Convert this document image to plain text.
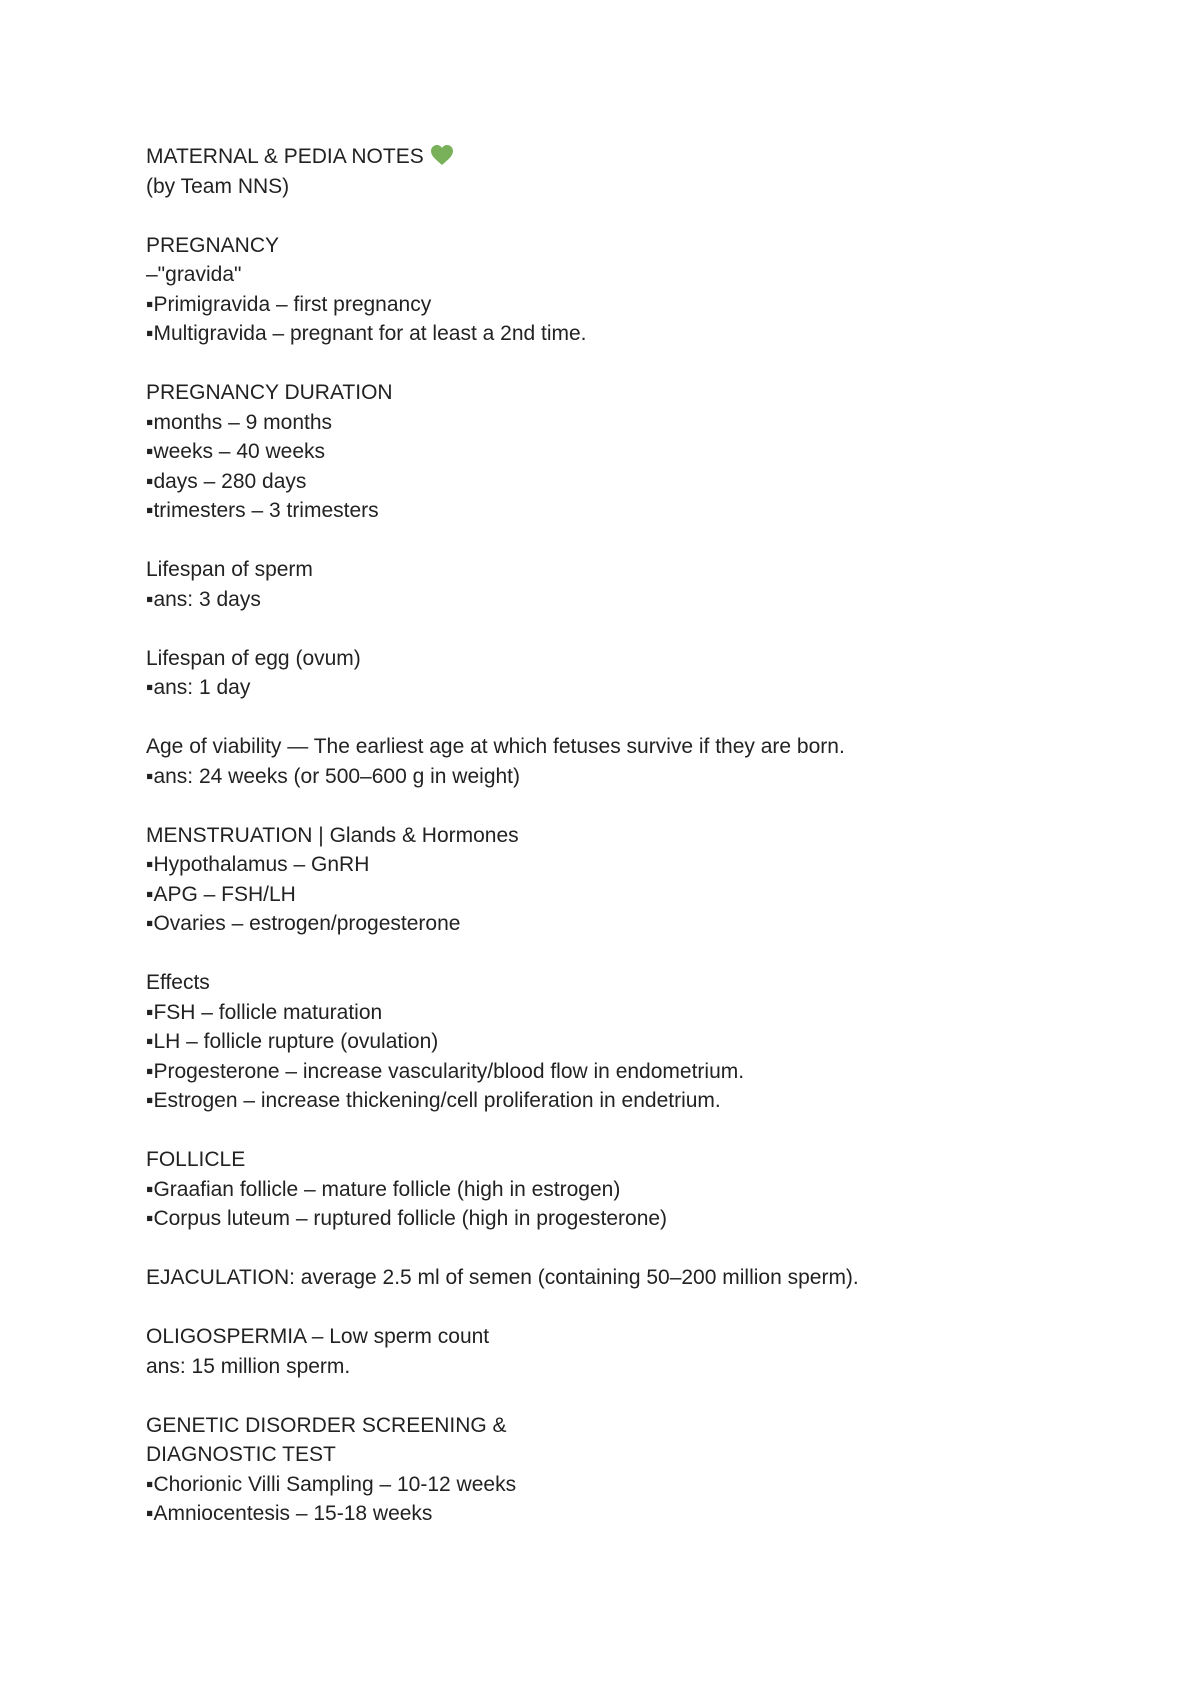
MATERNAL & PEDIA NOTES
(by Team NNS)
PREGNANCY
–"gravida"
▪Primigravida – first pregnancy
▪Multigravida – pregnant for at least a 2nd time.
PREGNANCY DURATION
▪months – 9 months
▪weeks – 40 weeks
▪days – 280 days
▪trimesters – 3 trimesters
Lifespan of sperm
▪ans: 3 days
Lifespan of egg (ovum)
▪ans: 1 day
Age of viability — The earliest age at which fetuses survive if they are born.
▪ans: 24 weeks (or 500–600 g in weight)
MENSTRUATION | Glands & Hormones
▪Hypothalamus – GnRH
▪APG – FSH/LH
▪Ovaries – estrogen/progesterone
Effects
▪FSH – follicle maturation
▪LH – follicle rupture (ovulation)
▪Progesterone – increase vascularity/blood flow in endometrium.
▪Estrogen – increase thickening/cell proliferation in endetrium.
FOLLICLE
▪Graafian follicle – mature follicle (high in estrogen)
▪Corpus luteum – ruptured follicle (high in progesterone)
EJACULATION: average 2.5 ml of semen (containing 50–200 million sperm).
OLIGOSPERMIA – Low sperm count
ans: 15 million sperm.
GENETIC DISORDER SCREENING &
DIAGNOSTIC TEST
▪Chorionic Villi Sampling – 10-12 weeks
▪Amniocentesis – 15-18 weeks
